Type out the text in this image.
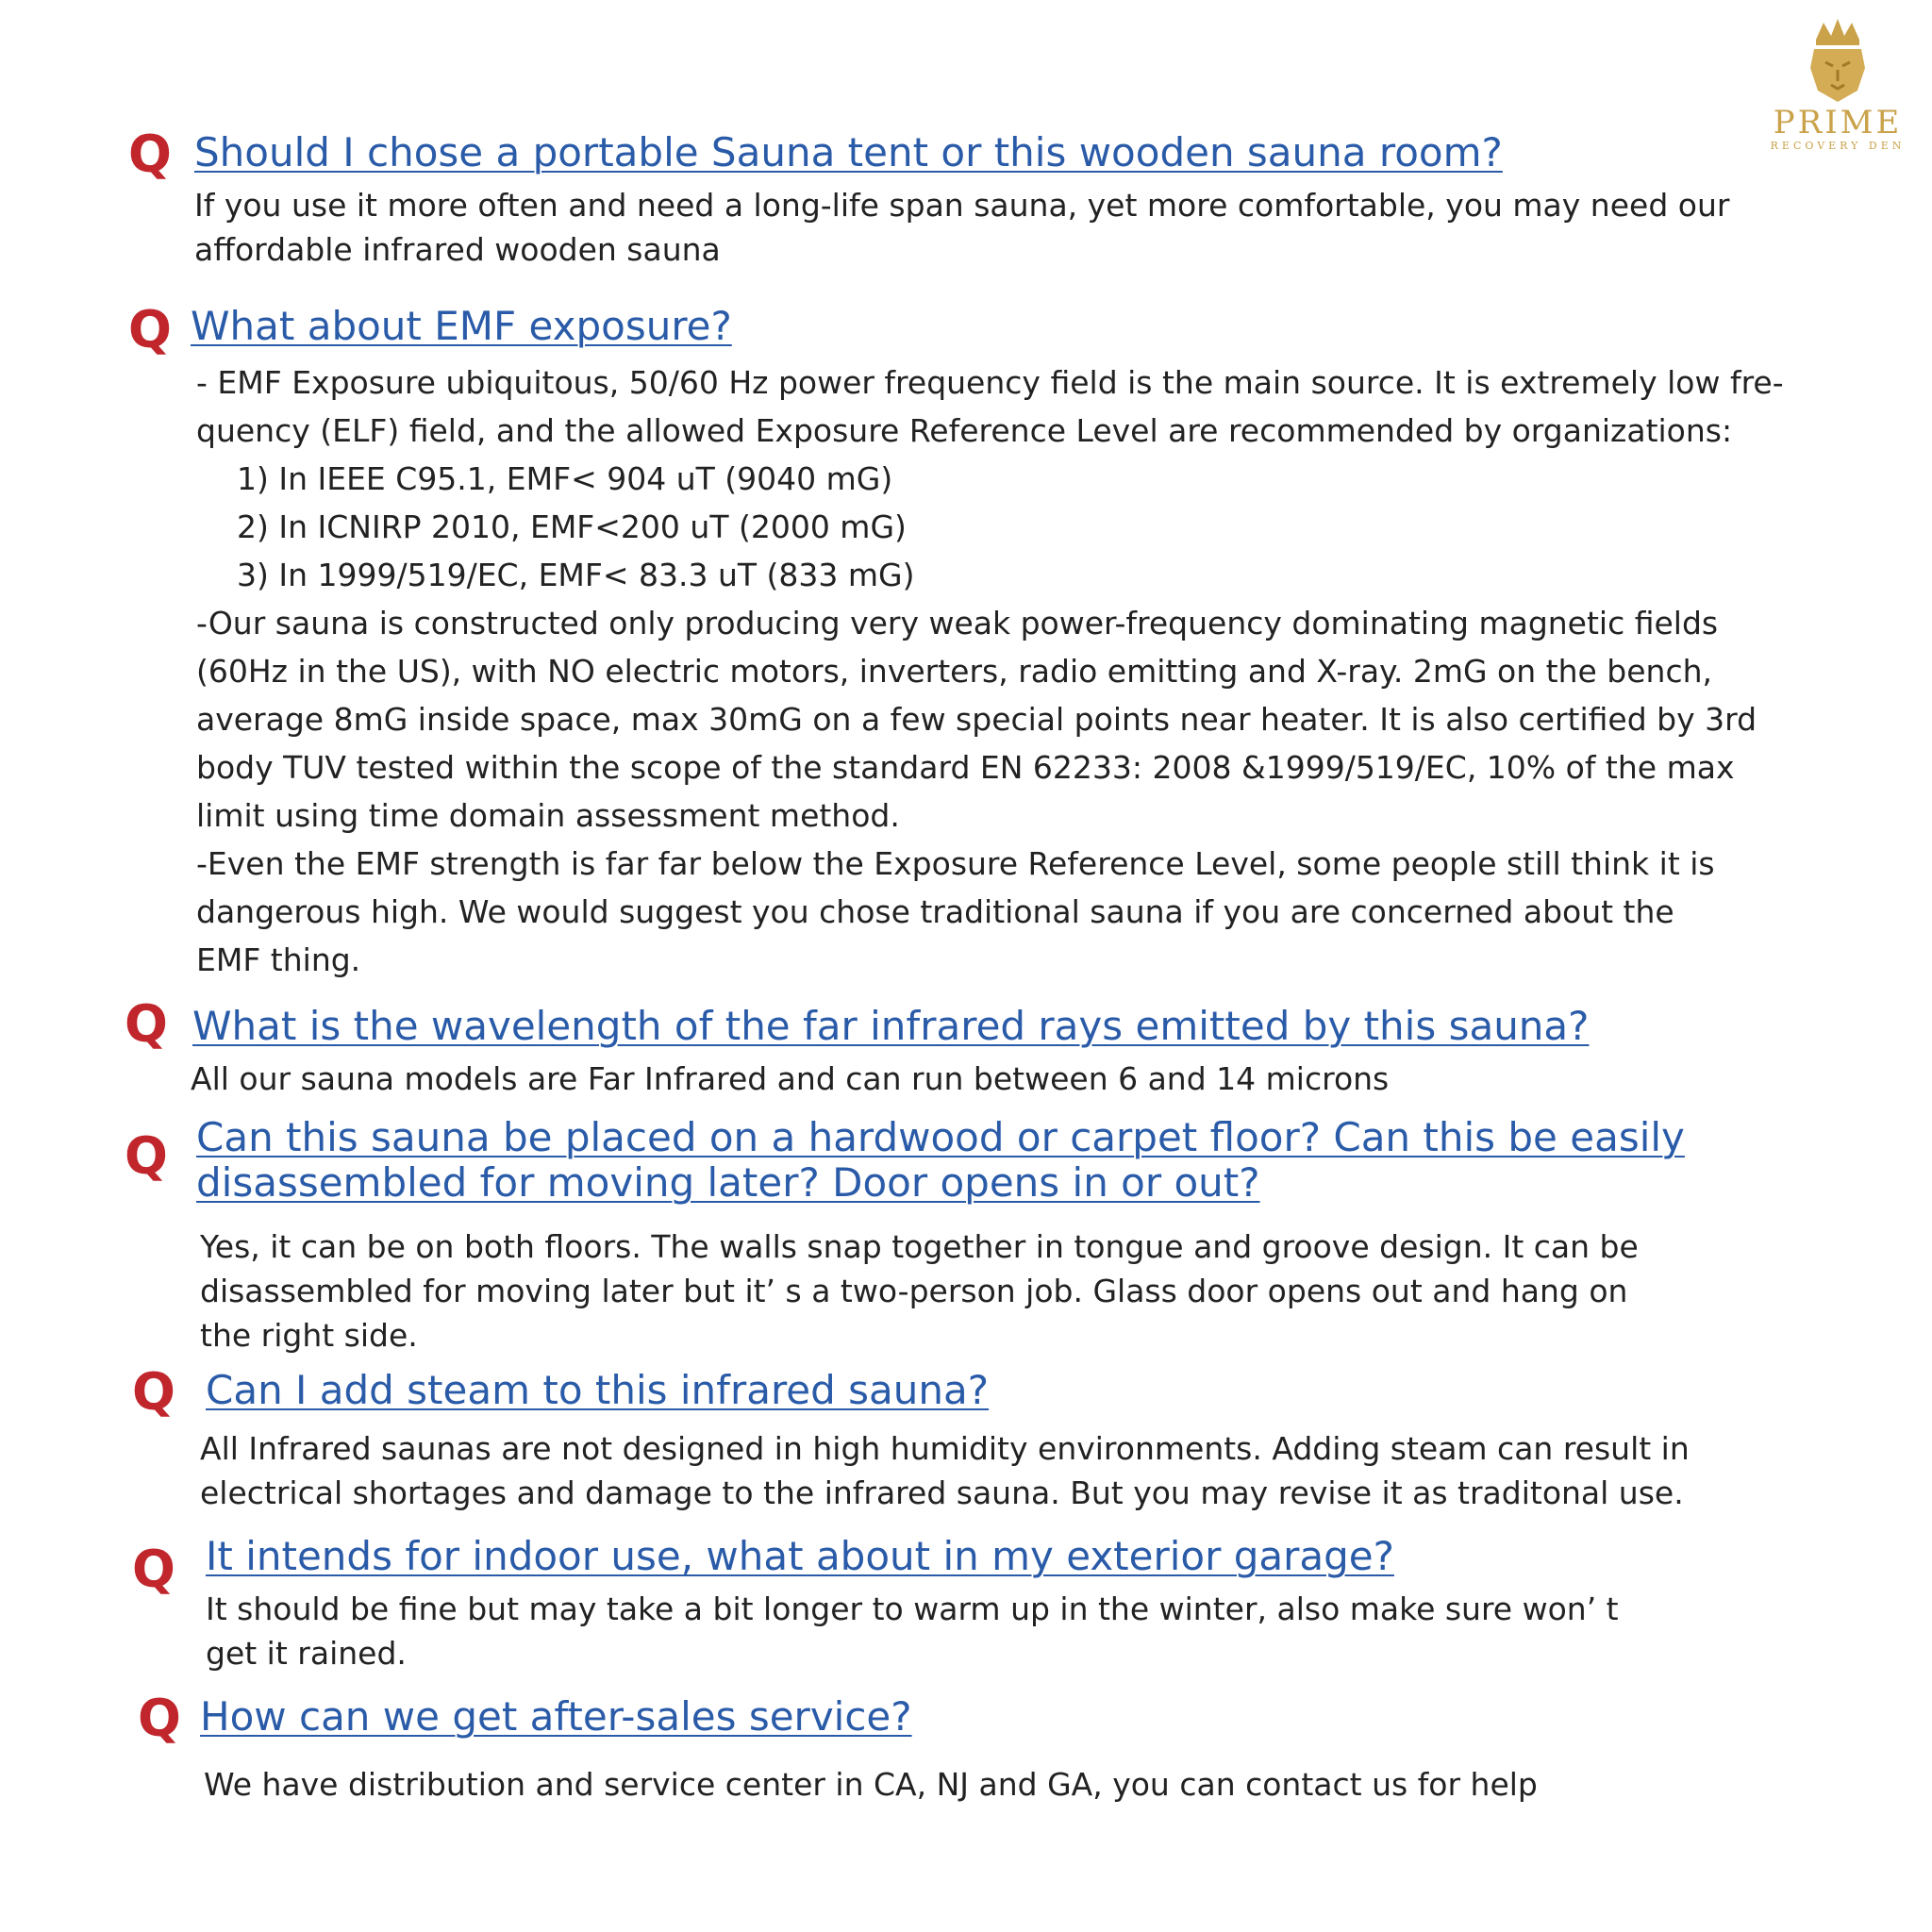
PRIME
RECOVERY DEN
Q Should I chose a portable Sauna tent or this wooden sauna room?

If you use it more often and need a long-life span sauna, yet more comfortable, you may need our

affordable infrared wooden sauna

Q What about EMF exposure?

- EMF Exposure ubiquitous, 50/60 Hz power frequency field is the main source. It is extremely low fre-

quency (ELF) field, and the allowed Exposure Reference Level are recommended by organizations:

1) In IEEE C95.1, EMF< 904 uT (9040 mG)

2) In ICNIRP 2010, EMF<200 uT (2000 mG)

3) In 1999/519/EC, EMF< 83.3 uT (833 mG)

-Our sauna is constructed only producing very weak power-frequency dominating magnetic fields

(60Hz in the US), with NO electric motors, inverters, radio emitting and X-ray. 2mG on the bench,

average 8mG inside space, max 30mG on a few special points near heater. It is also certified by 3rd

body TUV tested within the scope of the standard EN 62233: 2008 &1999/519/EC, 10% of the max

limit using time domain assessment method.

-Even the EMF strength is far far below the Exposure Reference Level, some people still think it is

dangerous high. We would suggest you chose traditional sauna if you are concerned about the

EMF thing.

Q What is the wavelength of the far infrared rays emitted by this sauna?

All our sauna models are Far Infrared and can run between 6 and 14 microns

Q Can this sauna be placed on a hardwood or carpet floor? Can this be easily
disassembled for moving later? Door opens in or out?

Yes, it can be on both floors. The walls snap together in tongue and groove design. It can be

disassembled for moving later but it’ s a two-person job. Glass door opens out and hang on

the right side.

Q Can I add steam to this infrared sauna?

All Infrared saunas are not designed in high humidity environments. Adding steam can result in

electrical shortages and damage to the infrared sauna. But you may revise it as traditonal use.

Q It intends for indoor use, what about in my exterior garage?

It should be fine but may take a bit longer to warm up in the winter, also make sure won’ t

get it rained.

Q How can we get after-sales service?

We have distribution and service center in CA, NJ and GA, you can contact us for help
